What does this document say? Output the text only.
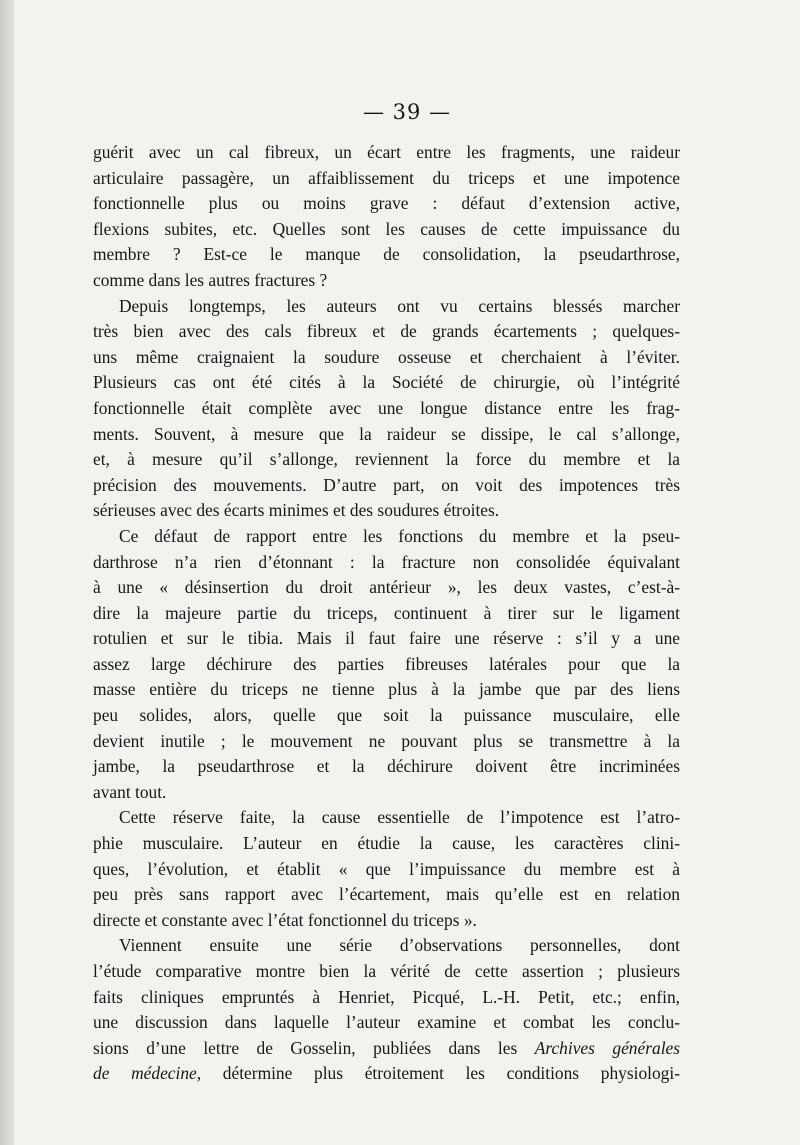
— 39 —

guérit avec un cal fibreux, un écart entre les fragments, une raideur
articulaire passagère, un affaiblissement du triceps et une impotence
fonctionnelle plus ou moins grave : défaut d’extension active,
flexions subites, etc. Quelles sont les causes de cette impuissance du
membre ? Est-ce le manque de consolidation, la pseudarthrose,
comme dans les autres fractures ?

Depuis longtemps, les auteurs ont vu certains blessés marcher
très bien avec des cals fibreux et de grands écartements ; quelques-
uns même craignaient la soudure osseuse et cherchaient à l’éviter.
Plusieurs cas ont été cités à la Société de chirurgie, où l’intégrité
fonctionnelle était complète avec une longue distance entre les frag-
ments. Souvent, à mesure que la raideur se dissipe, le cal s’allonge,
et, à mesure qu’il s’allonge, reviennent la force du membre et la
précision des mouvements. D’autre part, on voit des impotences très
sérieuses avec des écarts minimes et des soudures étroites.

Ce défaut de rapport entre les fonctions du membre et la pseu-
darthrose n’a rien d’étonnant : la fracture non consolidée équivalant
à une « désinsertion du droit antérieur », les deux vastes, c’est-à-
dire la majeure partie du triceps, continuent à tirer sur le ligament
rotulien et sur le tibia. Mais il faut faire une réserve : s’il y a une
assez large déchirure des parties fibreuses latérales pour que la
masse entière du triceps ne tienne plus à la jambe que par des liens
peu solides, alors, quelle que soit la puissance musculaire, elle
devient inutile ; le mouvement ne pouvant plus se transmettre à la
jambe, la pseudarthrose et la déchirure doivent être incriminées
avant tout.

Cette réserve faite, la cause essentielle de l’impotence est l’atro-
phie musculaire. L’auteur en étudie la cause, les caractères clini-
ques, l’évolution, et établit « que l’impuissance du membre est à
peu près sans rapport avec l’écartement, mais qu’elle est en relation
directe et constante avec l’état fonctionnel du triceps ».

Viennent ensuite une série d’observations personnelles, dont
l’étude comparative montre bien la vérité de cette assertion ; plusieurs
faits cliniques empruntés à Henriet, Picqué, L.-H. Petit, etc.; enfin,
une discussion dans laquelle l’auteur examine et combat les conclu-
sions d’une lettre de Gosselin, publiées dans les Archives générales
de médecine, détermine plus étroitement les conditions physiologi-
